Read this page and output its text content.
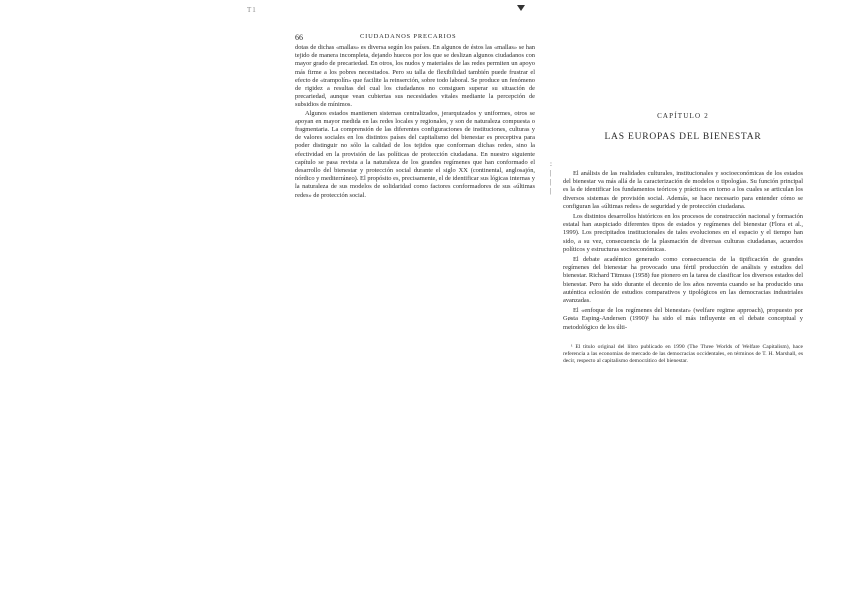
T1
66	CIUDADANOS PRECARIOS

dotas de dichas «mallas» es diversa según los países. En algunos de éstos las «mallas» se han tejido de manera incompleta, dejando huecos por los que se deslizan algunos ciudadanos con mayor grado de precariedad. En otros, los nudos y materiales de las redes permiten un apoyo más firme a los pobres necesitados. Pero su talla de flexibilidad también puede frustrar el efecto de «trampolín» que facilite la reinserción, sobre todo laboral. Se produce un fenómeno de rigidez a resultas del cual los ciudadanos no consiguen superar su situación de precariedad, aunque vean cubiertas sus necesidades vitales mediante la percepción de subsidios de mínimos.

Algunos estados mantienen sistemas centralizados, jerarquizados y uniformes, otros se apoyan en mayor medida en las redes locales y regionales, y son de naturaleza compuesta o fragmentaria. La comprensión de las diferentes configuraciones de instituciones, culturas y de valores sociales en los distintos países del capitalismo del bienestar es preceptiva para poder distinguir no sólo la calidad de los tejidos que conforman dichas redes, sino la efectividad en la provisión de las políticas de protección ciudadana. En nuestro siguiente capítulo se pasa revista a la naturaleza de los grandes regímenes que han conformado el desarrollo del bienestar y protección social durante el siglo XX (continental, anglosajón, nórdico y mediterráneo). El propósito es, precisamente, el de identificar sus lógicas internas y la naturaleza de sus modelos de solidaridad como factores conformadores de sus «últimas redes» de protección social.

:
|
|
|
CAPÍTULO 2
LAS EUROPAS DEL BIENESTAR

El análisis de las realidades culturales, institucionales y socioeconómicas de los estados del bienestar va más allá de la caracterización de modelos o tipologías. Su función principal es la de identificar los fundamentos teóricos y prácticos en torno a los cuales se articulan los diversos sistemas de provisión social. Además, se hace necesario para entender cómo se configuran las «últimas redes» de seguridad y de protección ciudadana.

Los distintos desarrollos históricos en los procesos de construcción nacional y formación estatal han auspiciado diferentes tipos de estados y regímenes del bienestar (Flora et al., 1999). Los precipitados institucionales de tales evoluciones en el espacio y el tiempo han sido, a su vez, consecuencia de la plasmación de diversas culturas ciudadanas, acuerdos políticos y estructuras socioeconómicas.

El debate académico generado como consecuencia de la tipificación de grandes regímenes del bienestar ha provocado una fértil producción de análisis y estudios del bienestar. Richard Titmuss (1958) fue pionero en la tarea de clasificar los diversos estados del bienestar. Pero ha sido durante el decenio de los años noventa cuando se ha producido una auténtica eclosión de estudios comparativos y tipológicos en las democracias industriales avanzadas.

El «enfoque de los regímenes del bienestar» (welfare regime approach), propuesto por Gøsta Esping-Andersen (1990)¹ ha sido el más influyente en el debate conceptual y metodológico de los últi-

¹ El título original del libro publicado en 1990 (The Three Worlds of Welfare Capitalism), hace referencia a las economías de mercado de las democracias occidentales, en términos de T. H. Marshall, es decir, respecto al capitalismo democrático del bienestar.
